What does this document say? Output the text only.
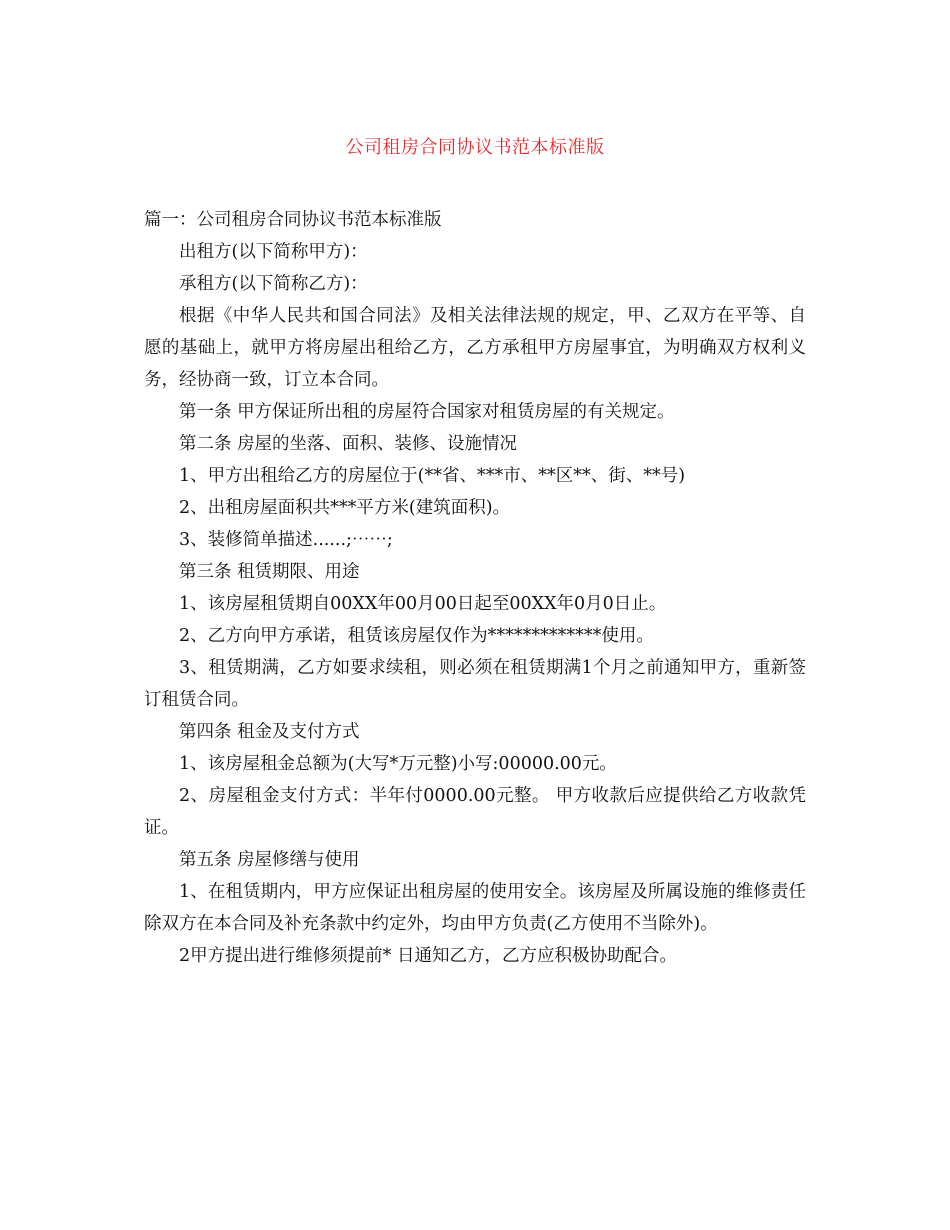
公司租房合同协议书范本标准版

篇一：公司租房合同协议书范本标准版

出租方(以下简称甲方)：

承租方(以下简称乙方)：

根据《中华人民共和国合同法》及相关法律法规的规定，甲、乙双方在平等、自愿的基础上，就甲方将房屋出租给乙方，乙方承租甲方房屋事宜，为明确双方权利义务，经协商一致，订立本合同。

第一条 甲方保证所出租的房屋符合国家对租赁房屋的有关规定。

第二条 房屋的坐落、面积、装修、设施情况

1、甲方出租给乙方的房屋位于(**省、***市、**区**、街、**号)

2、出租房屋面积共***平方米(建筑面积)。

3、装修简单描述......;⋯⋯;

第三条 租赁期限、用途

1、该房屋租赁期自00XX年00月00日起至00XX年0月0日止。

2、乙方向甲方承诺，租赁该房屋仅作为*************使用。

3、租赁期满，乙方如要求续租，则必须在租赁期满1个月之前通知甲方，重新签订租赁合同。

第四条 租金及支付方式

1、该房屋租金总额为(大写*万元整)小写:00000.00元。

2、房屋租金支付方式：半年付0000.00元整。 甲方收款后应提供给乙方收款凭证。

第五条 房屋修缮与使用

1、在租赁期内，甲方应保证出租房屋的使用安全。该房屋及所属设施的维修责任除双方在本合同及补充条款中约定外，均由甲方负责(乙方使用不当除外)。

2甲方提出进行维修须提前* 日通知乙方，乙方应积极协助配合。
